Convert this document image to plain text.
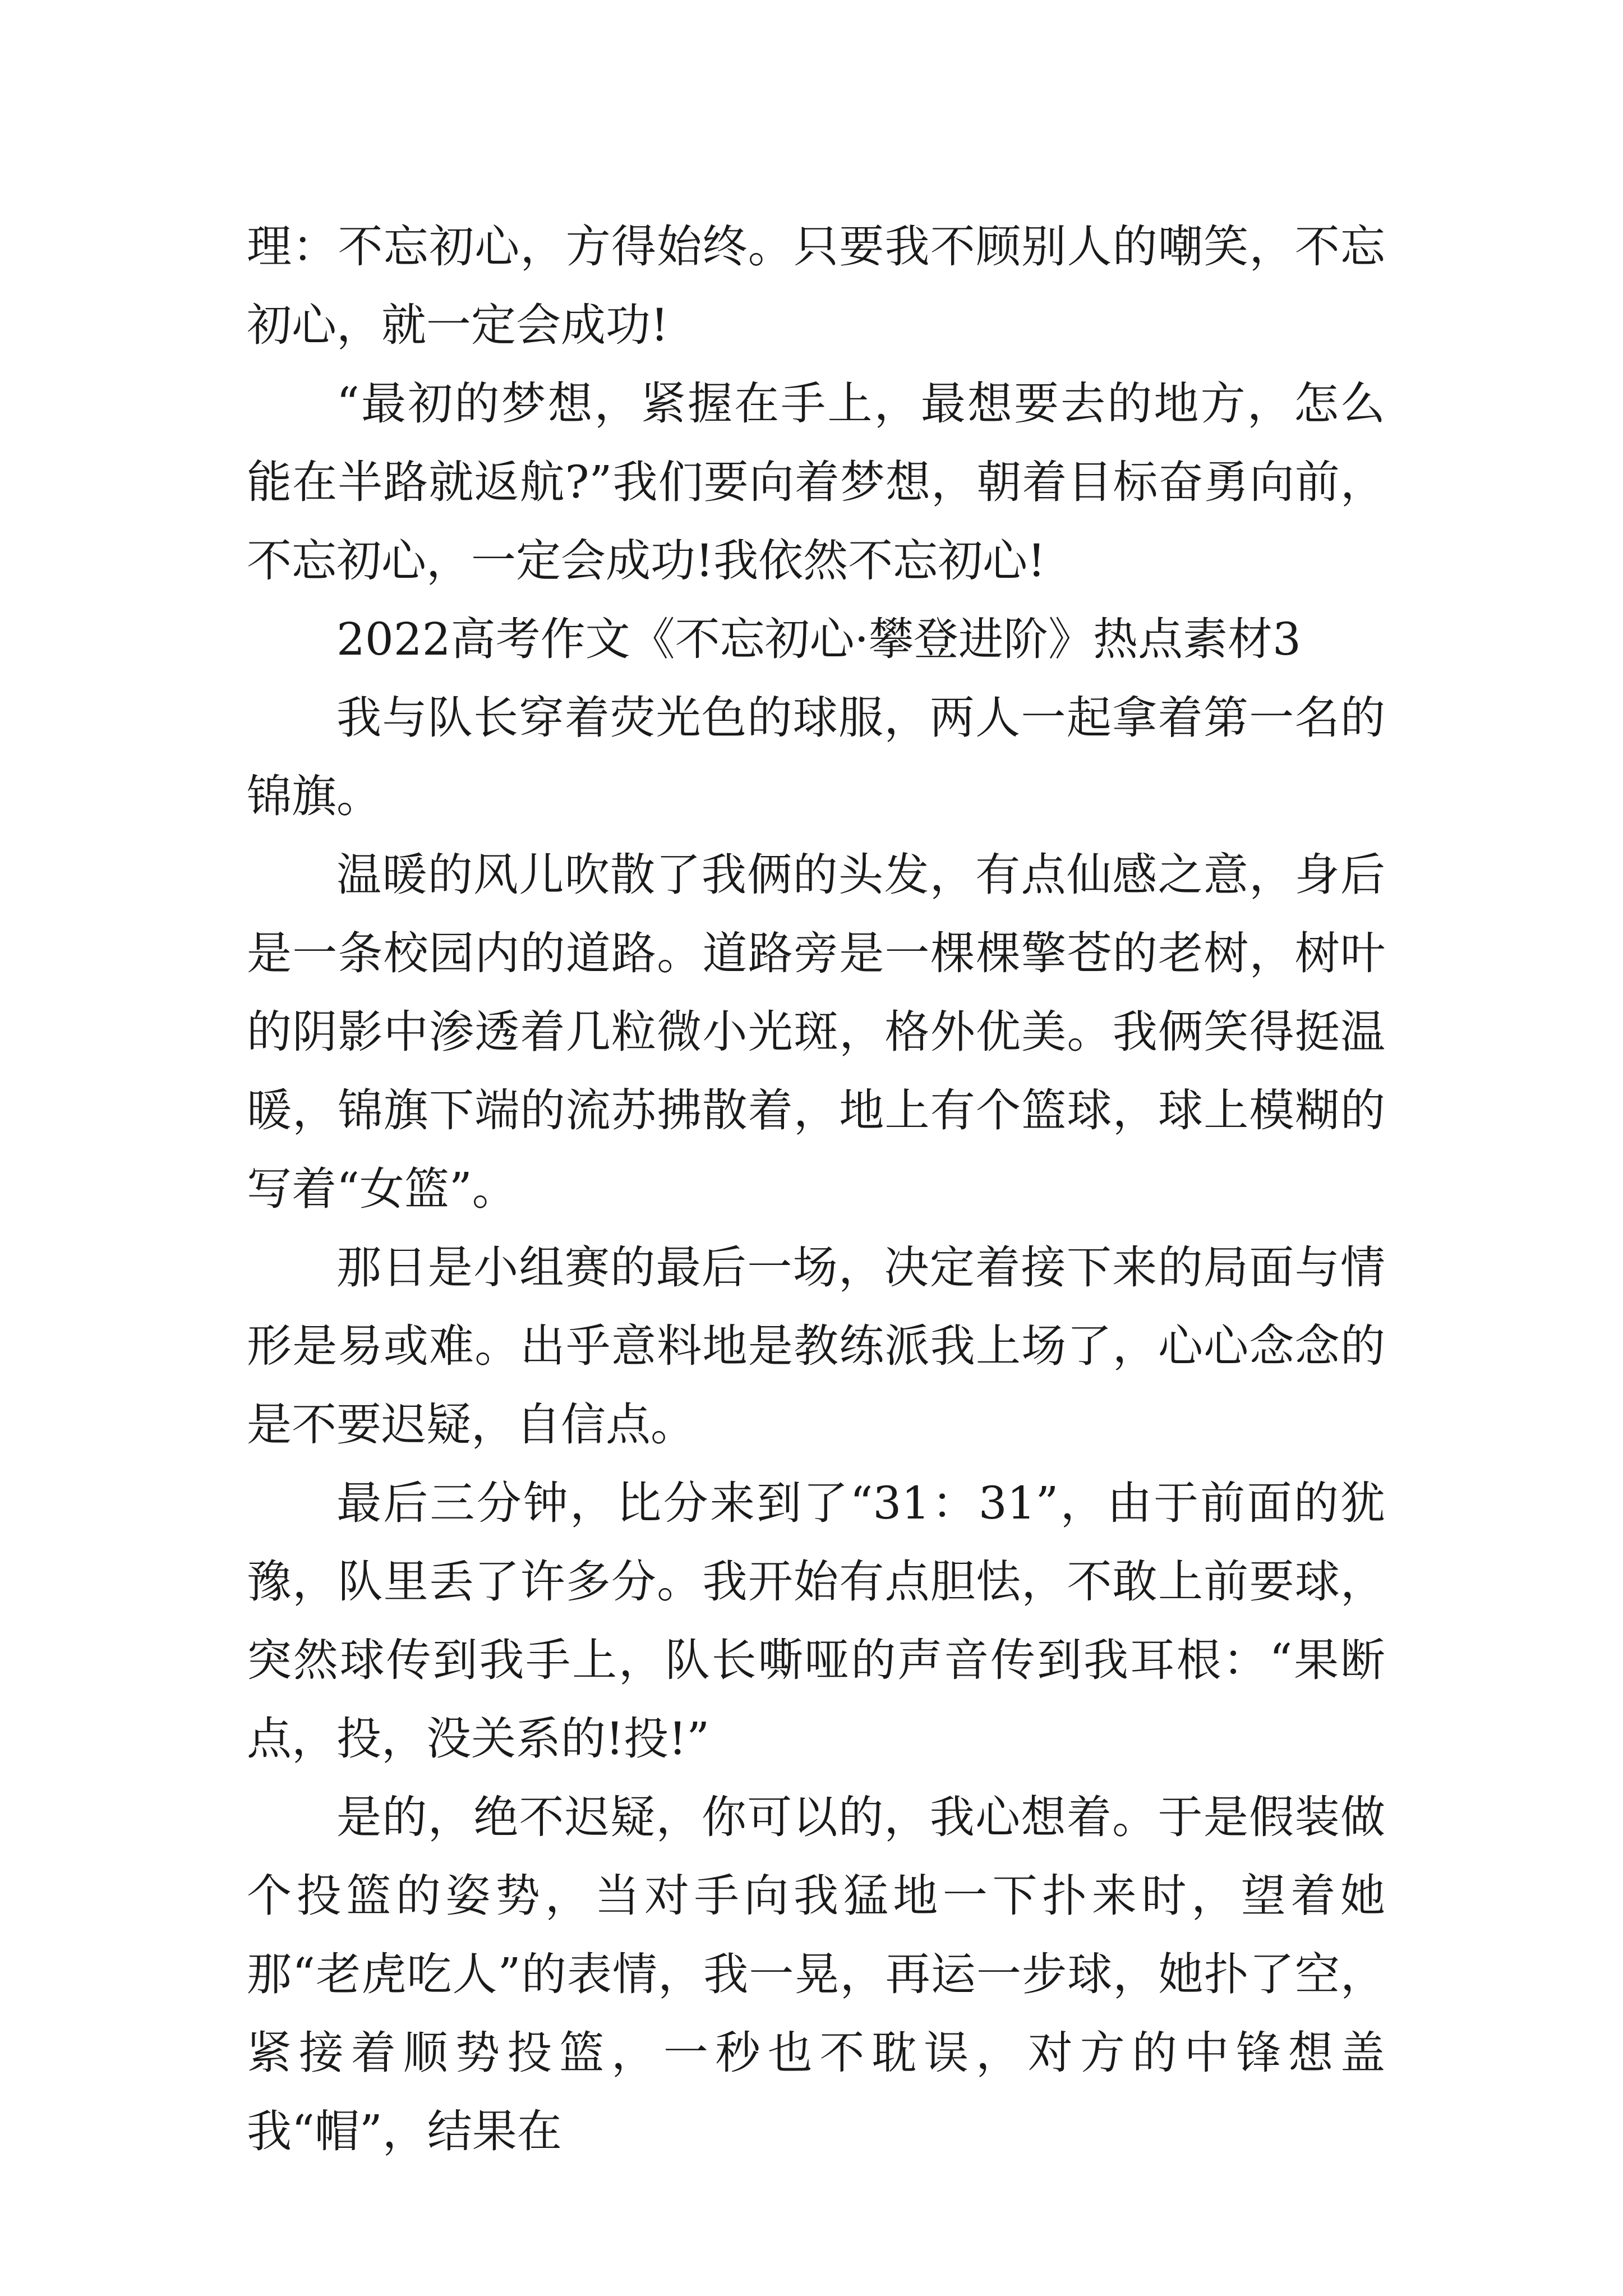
理：不忘初心，方得始终。只要我不顾别人的嘲笑，不忘初心，就一定会成功!

“最初的梦想，紧握在手上，最想要去的地方，怎么能在半路就返航?”我们要向着梦想，朝着目标奋勇向前，不忘初心，一定会成功!我依然不忘初心!

2022高考作文《不忘初心·攀登进阶》热点素材3

我与队长穿着荧光色的球服，两人一起拿着第一名的锦旗。

温暖的风儿吹散了我俩的头发，有点仙感之意，身后是一条校园内的道路。道路旁是一棵棵擎苍的老树，树叶的阴影中渗透着几粒微小光斑，格外优美。我俩笑得挺温暖，锦旗下端的流苏拂散着，地上有个篮球，球上模糊的写着“女篮”。

那日是小组赛的最后一场，决定着接下来的局面与情形是易或难。出乎意料地是教练派我上场了，心心念念的是不要迟疑，自信点。

最后三分钟，比分来到了“31：31”，由于前面的犹豫，队里丢了许多分。我开始有点胆怯，不敢上前要球，突然球传到我手上，队长嘶哑的声音传到我耳根：“果断点，投，没关系的!投!”

是的，绝不迟疑，你可以的，我心想着。于是假装做个投篮的姿势，当对手向我猛地一下扑来时，望着她那“老虎吃人”的表情，我一晃，再运一步球，她扑了空，紧接着顺势投篮，一秒也不耽误，对方的中锋想盖我“帽”，结果在
